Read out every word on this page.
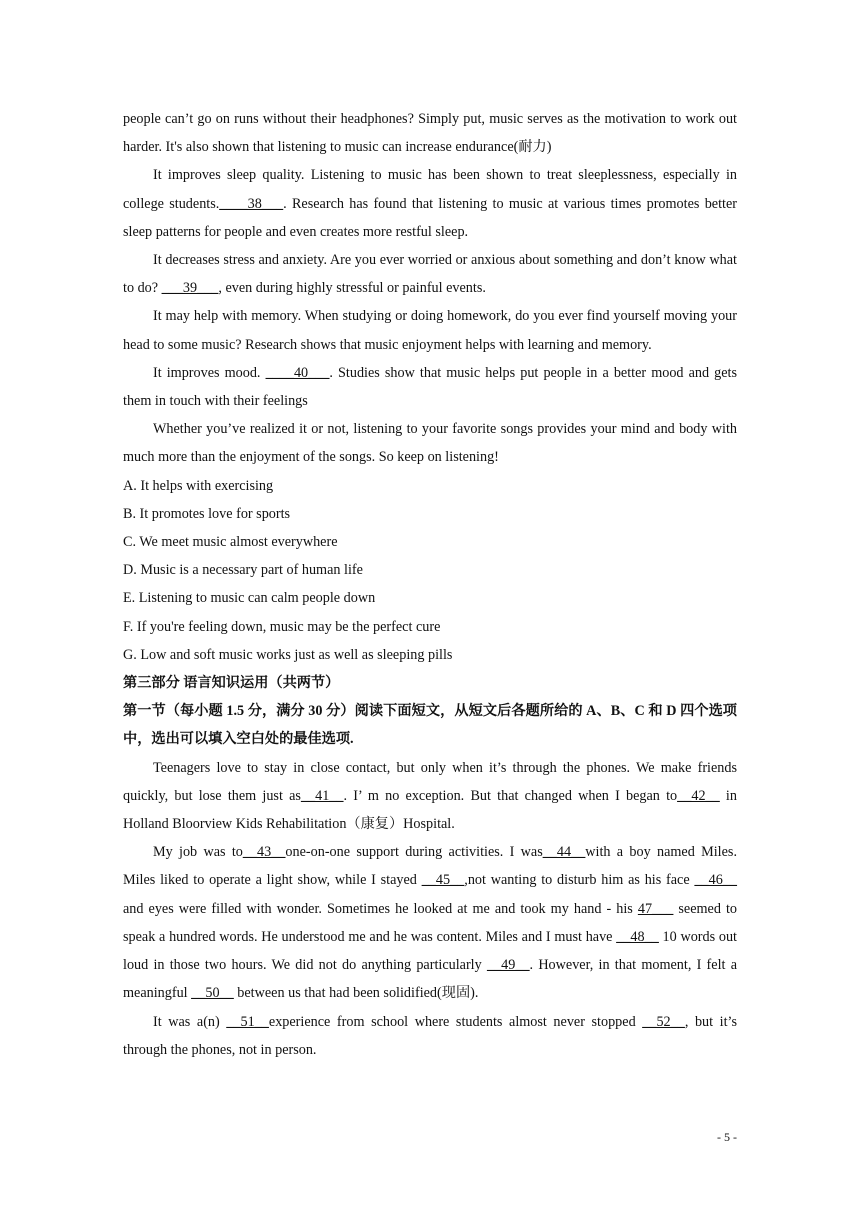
people can’t go on runs without their headphones? Simply put, music serves as the motivation to work out harder. It's also shown that listening to music can increase endurance(耐力)

It improves sleep quality. Listening to music has been shown to treat sleeplessness, especially in college students.____38___. Research has found that listening to music at various times promotes better sleep patterns for people and even creates more restful sleep.

It decreases stress and anxiety. Are you ever worried or anxious about something and don’t know what to do? ___39___, even during highly stressful or painful events.

It may help with memory. When studying or doing homework, do you ever find yourself moving your head to some music? Research shows that music enjoyment helps with learning and memory.

It improves mood. ____40___. Studies show that music helps put people in a better mood and gets them in touch with their feelings

Whether you’ve realized it or not, listening to your favorite songs provides your mind and body with much more than the enjoyment of the songs. So keep on listening!

A. It helps with exercising

B. It promotes love for sports

C. We meet music almost everywhere

D. Music is a necessary part of human life

E. Listening to music can calm people down

F. If you're feeling down, music may be the perfect cure

G. Low and soft music works just as well as sleeping pills

第三部分 语言知识运用（共两节）

第一节（每小题 1.5 分，满分 30 分）阅读下面短文，从短文后各题所给的 A、B、C 和 D 四个选项中，选出可以填入空白处的最佳选项.

Teenagers love to stay in close contact, but only when it’s through the phones. We make friends quickly, but lose them just as__41__. I’ m no exception. But that changed when I began to__42__ in Holland Bloorview Kids Rehabilitation（康复）Hospital.

My job was to__43__one-on-one support during activities. I was__44__with a boy named Miles. Miles liked to operate a light show, while I stayed __45__,not wanting to disturb him as his face __46__ and eyes were filled with wonder. Sometimes he looked at me and took my hand - his 47___ seemed to speak a hundred words. He understood me and he was content. Miles and I must have __48__ 10 words out loud in those two hours. We did not do anything particularly __49__. However, in that moment, I felt a meaningful __50__ between us that had been solidified(现固).

It was a(n) __51__experience from school where students almost never stopped __52__, but it’s through the phones, not in person.

- 5 -
